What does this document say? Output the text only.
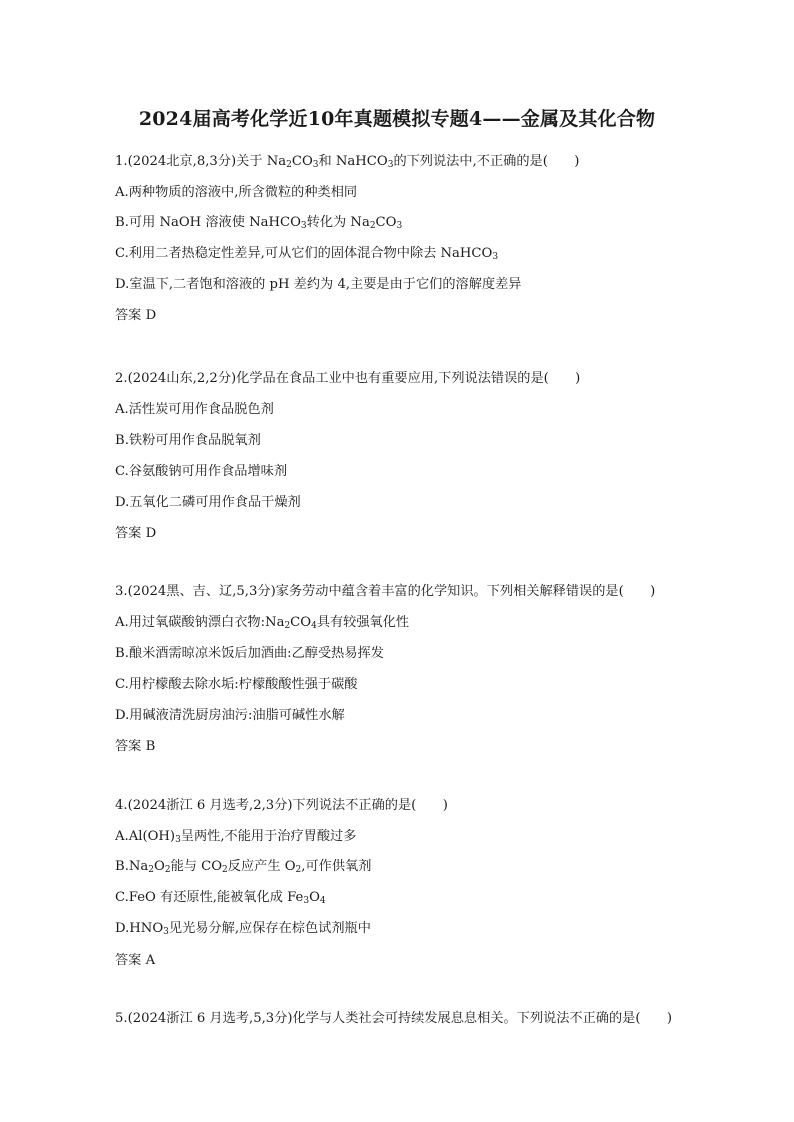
2024届高考化学近10年真题模拟专题4——金属及其化合物
1.(2024北京,8,3分)关于 $Na_2CO_3$和 NaHCO$_3$的下列说法中,不正确的是(　　)
A.两种物质的溶液中,所含微粒的种类相同
B.可用 NaOH 溶液使 NaHCO$_3$转化为 $Na_2CO_3$
C.利用二者热稳定性差异,可从它们的固体混合物中除去 NaHCO$_3$
D.室温下,二者饱和溶液的 pH 差约为 4,主要是由于它们的溶解度差异
答案 D
2.(2024山东,2,2分)化学品在食品工业中也有重要应用,下列说法错误的是(　　)
A.活性炭可用作食品脱色剂
B.铁粉可用作食品脱氧剂
C.谷氨酸钠可用作食品增味剂
D.五氧化二磷可用作食品干燥剂
答案 D
3.(2024黑、吉、辽,5,3分)家务劳动中蕴含着丰富的化学知识。下列相关解释错误的是(　　)
A.用过氧碳酸钠漂白衣物$:Na_2CO_4$具有较强氧化性
B.酿米酒需晾凉米饭后加酒曲:乙醇受热易挥发
C.用柠檬酸去除水垢:柠檬酸酸性强于碳酸
D.用碱液清洗厨房油污:油脂可碱性水解
答案 B
4.(2024浙江 6 月选考,2,3分)下列说法不正确的是(　　)
$A.Al(OH)_3$呈两性,不能用于治疗胃酸过多
$B.Na_2O_2$能与 $CO_2$反应产生 $O_2$,可作供氧剂
C.FeO 有还原性,能被氧化成 $Fe_3O_4$
$D.HNO_3$见光易分解,应保存在棕色试剂瓶中
答案 A
5.(2024浙江 6 月选考,5,3分)化学与人类社会可持续发展息息相关。下列说法不正确的是(　　)
